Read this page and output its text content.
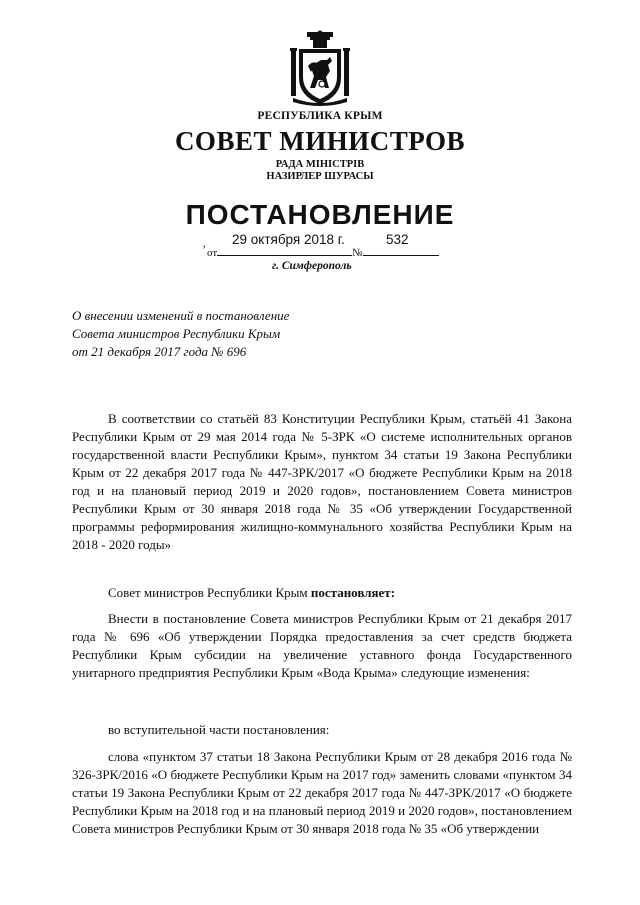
РЕСПУБЛИКА КРЫМ
СОВЕТ МИНИСТРОВ
РАДА МІНІСТРІВ
НАЗИРЛЕР ШУРАСЫ
ПОСТАНОВЛЕНИЕ
, 29 октября 2018 г.	532
от	№
г. Симферополь
О внесении изменений в постановление
Совета министров Республики Крым
от 21 декабря 2017 года № 696

В соответствии со статьёй 83 Конституции Республики Крым, статьёй 41 Закона Республики Крым от 29 мая 2014 года № 5-ЗРК «О системе исполнительных органов государственной власти Республики Крым», пунктом 34 статьи 19 Закона Республики Крым от 22 декабря 2017 года № 447-ЗРК/2017 «О бюджете Республики Крым на 2018 год и на плановый период 2019 и 2020 годов», постановлением Совета министров Республики Крым от 30 января 2018 года № 35 «Об утверждении Государственной программы реформирования жилищно-коммунального хозяйства Республики Крым на 2018 - 2020 годы»

Совет министров Республики Крым постановляет:

Внести в постановление Совета министров Республики Крым от 21 декабря 2017 года № 696 «Об утверждении Порядка предоставления за счет средств бюджета Республики Крым субсидии на увеличение уставного фонда Государственного унитарного предприятия Республики Крым «Вода Крыма» следующие изменения:

во вступительной части постановления:

слова «пунктом 37 статьи 18 Закона Республики Крым от 28 декабря 2016 года № 326-ЗРК/2016 «О бюджете Республики Крым на 2017 год» заменить словами «пунктом 34 статьи 19 Закона Республики Крым от 22 декабря 2017 года № 447-ЗРК/2017 «О бюджете Республики Крым на 2018 год и на плановый период 2019 и 2020 годов», постановлением Совета министров Республики Крым от 30 января 2018 года № 35 «Об утверждении
